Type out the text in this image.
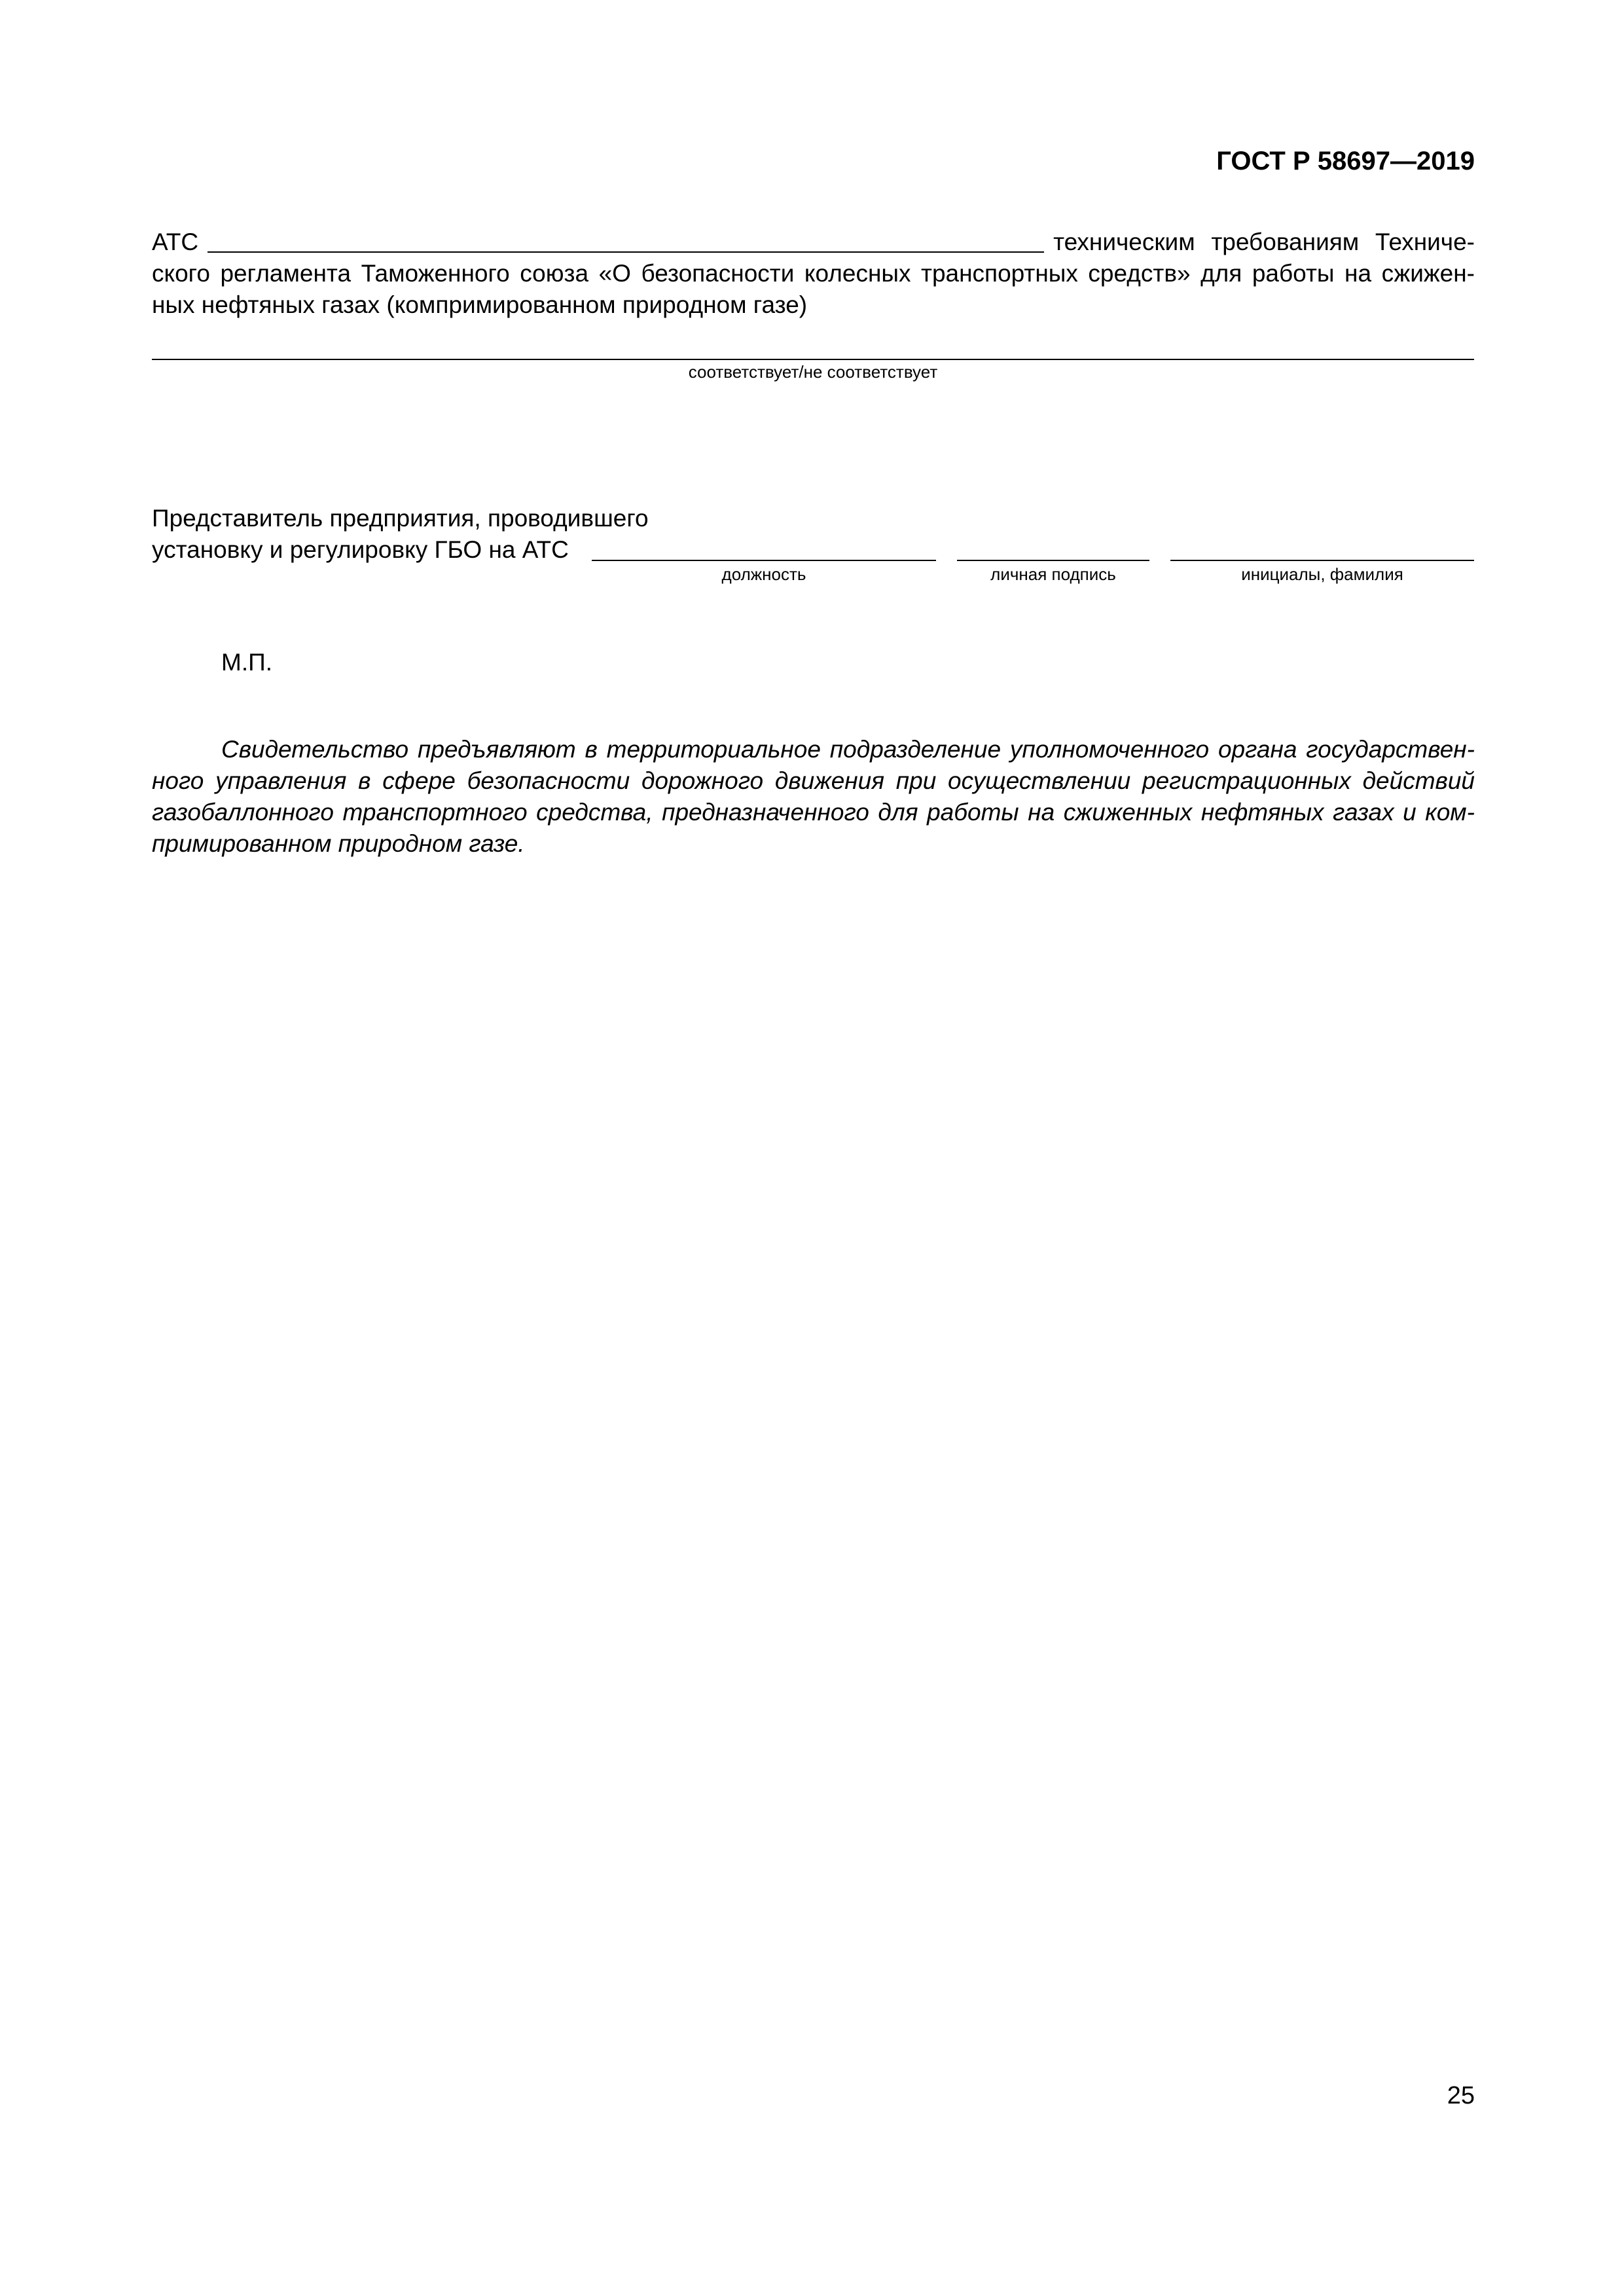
ГОСТ Р 58697—2019
АТС	техническим требованиям Техниче-
ского регламента Таможенного союза «О безопасности колесных транспортных средств» для работы на сжижен-
ных нефтяных газах (компримированном природном газе)
соответствует/не соответствует
Представитель предприятия, проводившего
установку и регулировку ГБО на АТС
должность	личная подпись	инициалы, фамилия
М.П.
Свидетельство предъявляют в территориальное подразделение уполномоченного органа государствен-
ного управления в сфере безопасности дорожного движения при осуществлении регистрационных действий
газобаллонного транспортного средства, предназначенного для работы на сжиженных нефтяных газах и ком-
примированном природном газе.
25
